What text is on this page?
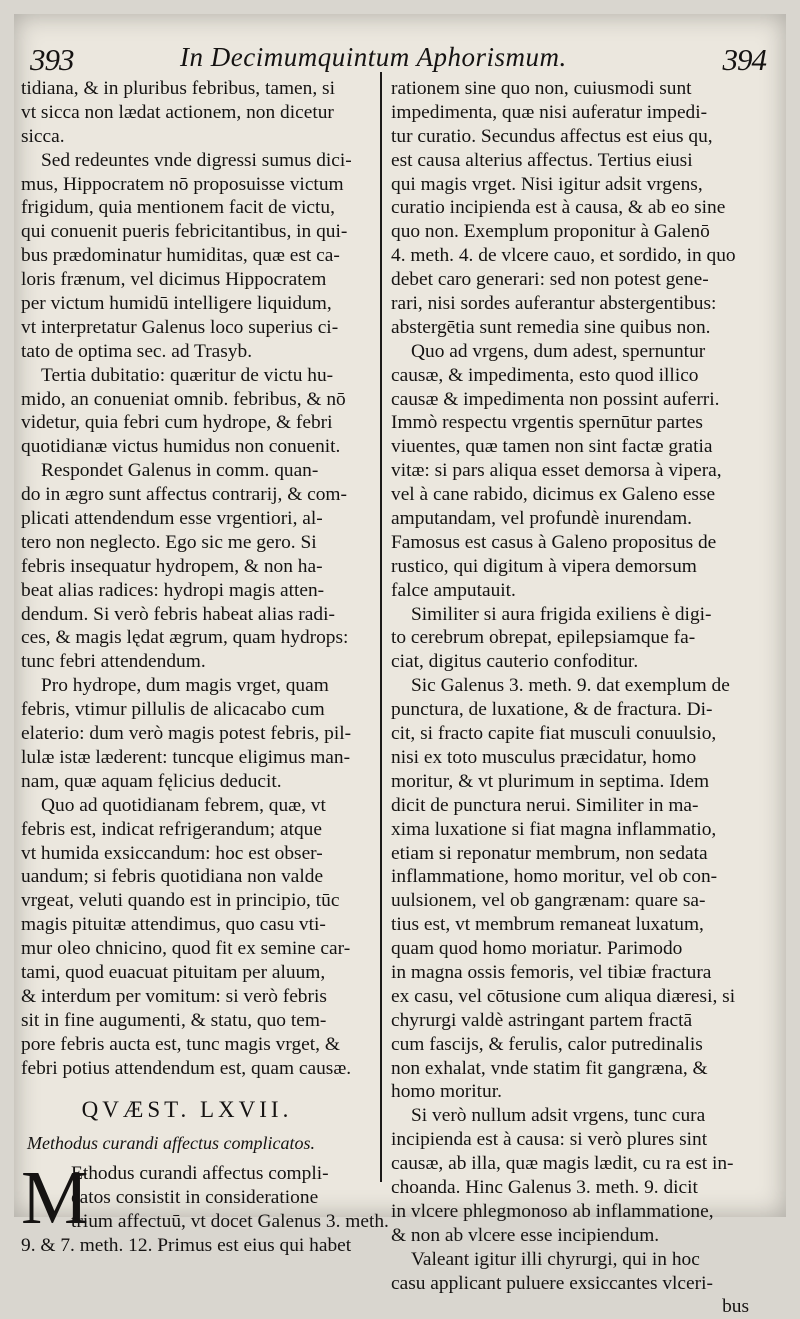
393	In Decimumquintum Aphorismum.	394
tidiana, & in pluribus febribus, tamen, si
vt sicca non lædat actionem, non dicetur
sicca.
Sed redeuntes vnde digressi sumus dici-
mus, Hippocratem nō proposuisse victum
frigidum, quia mentionem facit de victu,
qui conuenit pueris febricitantibus, in qui-
bus prædominatur humiditas, quæ est ca-
loris frænum, vel dicimus Hippocratem
per victum humidū intelligere liquidum,
vt interpretatur Galenus loco superius ci-
tato de optima sec. ad Trasyb.
Tertia dubitatio: quæritur de victu hu-
mido, an conueniat omnib. febribus, & nō
videtur, quia febri cum hydrope, & febri
quotidianæ victus humidus non conuenit.
Respondet Galenus in comm. quan-
do in ægro sunt affectus contrarij, & com-
plicati attendendum esse vrgentiori, al-
tero non neglecto. Ego sic me gero. Si
febris insequatur hydropem, & non ha-
beat alias radices: hydropi magis atten-
dendum. Si verò febris habeat alias radi-
ces, & magis lędat ægrum, quam hydrops:
tunc febri attendendum.
Pro hydrope, dum magis vrget, quam
febris, vtimur pillulis de alicacabo cum
elaterio: dum verò magis potest febris, pil-
lulæ istæ læderent: tuncque eligimus man-
nam, quæ aquam fęlicius deducit.
Quo ad quotidianam febrem, quæ, vt
febris est, indicat refrigerandum; atque
vt humida exsiccandum: hoc est obser-
uandum; si febris quotidiana non valde
vrgeat, veluti quando est in principio, tūc
magis pituitæ attendimus, quo casu vti-
mur oleo chnicino, quod fit ex semine car-
tami, quod euacuat pituitam per aluum,
& interdum per vomitum: si verò febris
sit in fine augumenti, & statu, quo tem-
pore febris aucta est, tunc magis vrget, &
febri potius attendendum est, quam causæ.
QVÆST. LXVII.
Methodus curandi affectus complicatos.
M
Ethodus curandi affectus compli-
catos consistit in consideratione
trium affectuū, vt docet Galenus 3. meth.
9. & 7. meth. 12. Primus est eius qui habet
rationem sine quo non, cuiusmodi sunt
impedimenta, quæ nisi auferatur impedi-
tur curatio. Secundus affectus est eius qu,
est causa alterius affectus. Tertius eiusi
qui magis vrget. Nisi igitur adsit vrgens,
curatio incipienda est à causa, & ab eo sine
quo non. Exemplum proponitur à Galenō
4. meth. 4. de vlcere cauo, et sordido, in quo
debet caro generari: sed non potest gene-
rari, nisi sordes auferantur abstergentibus:
abstergētia sunt remedia sine quibus non.
Quo ad vrgens, dum adest, spernuntur
causæ, & impedimenta, esto quod illico
causæ & impedimenta non possint auferri.
Immò respectu vrgentis spernūtur partes
viuentes, quæ tamen non sint factæ gratia
vitæ: si pars aliqua esset demorsa à vipera,
vel à cane rabido, dicimus ex Galeno esse
amputandam, vel profundè inurendam.
Famosus est casus à Galeno propositus de
rustico, qui digitum à vipera demorsum
falce amputauit.
Similiter si aura frigida exiliens è digi-
to cerebrum obrepat, epilepsiamque fa-
ciat, digitus cauterio confoditur.
Sic Galenus 3. meth. 9. dat exemplum de
punctura, de luxatione, & de fractura. Di-
cit, si fracto capite fiat musculi conuulsio,
nisi ex toto musculus præcidatur, homo
moritur, & vt plurimum in septima. Idem
dicit de punctura nerui. Similiter in ma-
xima luxatione si fiat magna inflammatio,
etiam si reponatur membrum, non sedata
inflammatione, homo moritur, vel ob con-
uulsionem, vel ob gangrænam: quare sa-
tius est, vt membrum remaneat luxatum,
quam quod homo moriatur. Parimodo
in magna ossis femoris, vel tibiæ fractura
ex casu, vel cōtusione cum aliqua diæresi, si
chyrurgi valdè astringant partem fractā
cum fascijs, & ferulis, calor putredinalis
non exhalat, vnde statim fit gangræna, &
homo moritur.
Si verò nullum adsit vrgens, tunc cura
incipienda est à causa: si verò plures sint
causæ, ab illa, quæ magis lædit, cu ra est in-
choanda. Hinc Galenus 3. meth. 9. dicit
in vlcere phlegmonoso ab inflammatione,
& non ab vlcere esse incipiendum.
Valeant igitur illi chyrurgi, qui in hoc
casu applicant puluere exsiccantes vlceri-
bus
